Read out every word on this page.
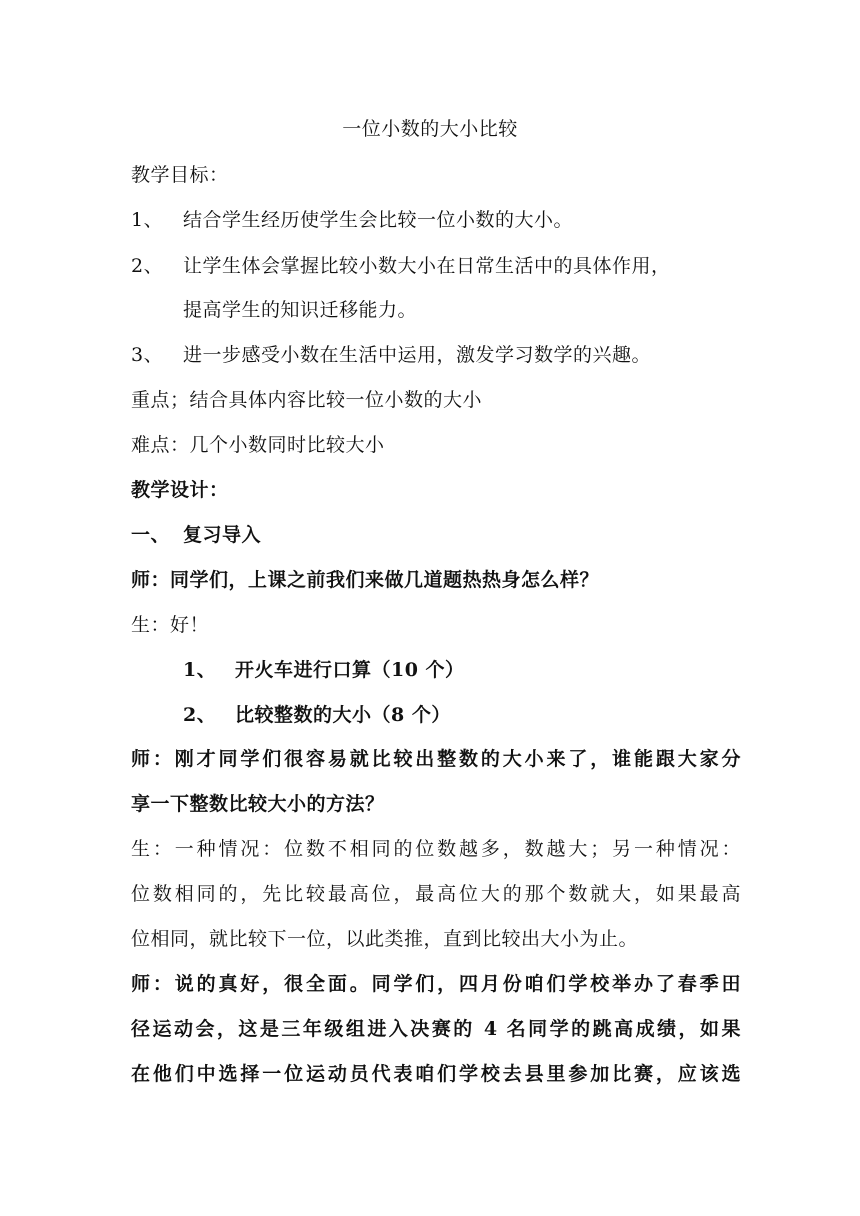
一位小数的大小比较
教学目标：
1、 结合学生经历使学生会比较一位小数的大小。
2、 让学生体会掌握比较小数大小在日常生活中的具体作用，
提高学生的知识迁移能力。
3、 进一步感受小数在生活中运用，激发学习数学的兴趣。
重点；结合具体内容比较一位小数的大小
难点：几个小数同时比较大小
教学设计：
一、 复习导入
师：同学们，上课之前我们来做几道题热热身怎么样？
生：好！
1、 开火车进行口算（10 个）
2、 比较整数的大小（8 个）
师：刚才同学们很容易就比较出整数的大小来了，谁能跟大家分
享一下整数比较大小的方法？
生：一种情况：位数不相同的位数越多，数越大；另一种情况：
位数相同的，先比较最高位，最高位大的那个数就大，如果最高
位相同，就比较下一位，以此类推，直到比较出大小为止。
师：说的真好，很全面。同学们，四月份咱们学校举办了春季田
径运动会，这是三年级组进入决赛的 4 名同学的跳高成绩，如果
在他们中选择一位运动员代表咱们学校去县里参加比赛，应该选
